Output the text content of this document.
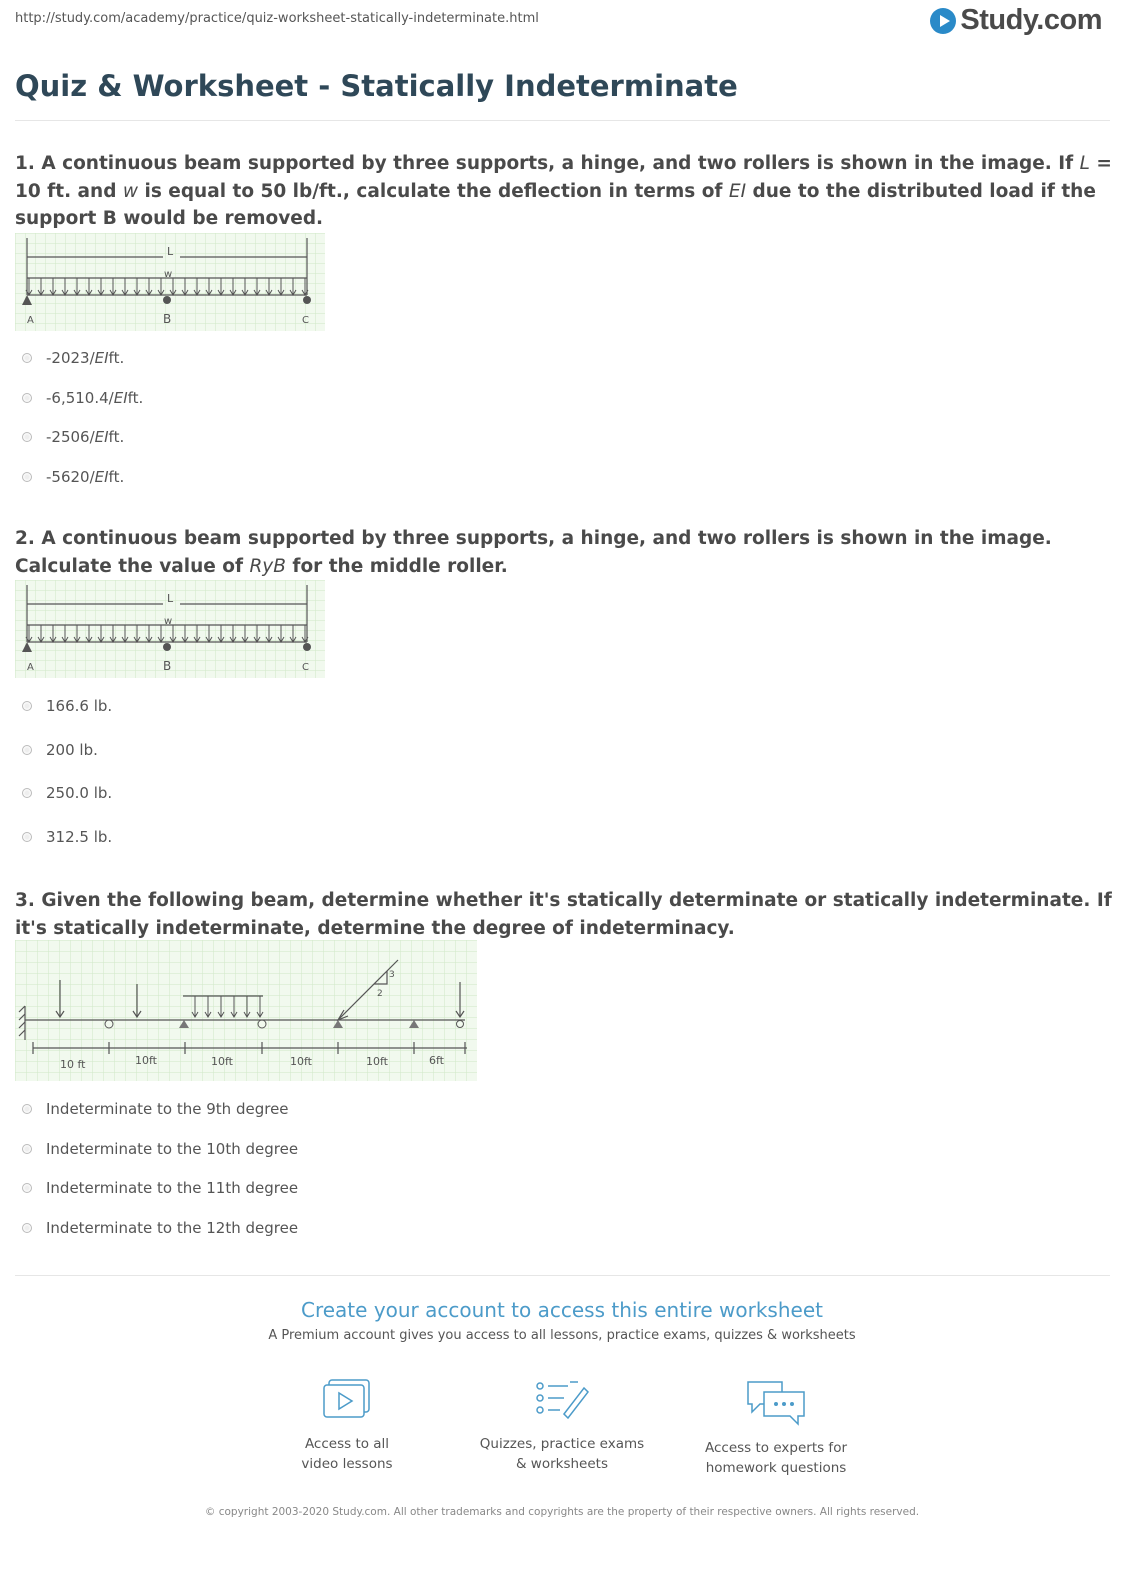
http://study.com/academy/practice/quiz-worksheet-statically-indeterminate.html	Study.com
Quiz & Worksheet - Statically Indeterminate
1. A continuous beam supported by three supports, a hinge, and two rollers is shown in the image. If L = 10 ft. and w is equal to 50 lb/ft., calculate the deflection in terms of EI due to the distributed load if the support B would be removed.
L
w
A	B	C
-2023/ EI ft.
-6,510.4/ EI ft.
-2506/ EI ft.
-5620/ EI ft.
2. A continuous beam supported by three supports, a hinge, and two rollers is shown in the image. Calculate the value of RyB for the middle roller.
L
w
A	B	C
166.6 lb.
200 lb.
250.0 lb.
312.5 lb.
3. Given the following beam, determine whether it's statically determinate or statically indeterminate. If it's statically indeterminate, determine the degree of indeterminacy.
10 ft	10ft	10ft	10ft	10ft	6ft
3
2
Indeterminate to the 9th degree
Indeterminate to the 10th degree
Indeterminate to the 11th degree
Indeterminate to the 12th degree
Create your account to access this entire worksheet
A Premium account gives you access to all lessons, practice exams, quizzes & worksheets
Access to all
video lessons
Quizzes, practice exams
& worksheets
Access to experts for
homework questions
© copyright 2003-2020 Study.com. All other trademarks and copyrights are the property of their respective owners. All rights reserved.
